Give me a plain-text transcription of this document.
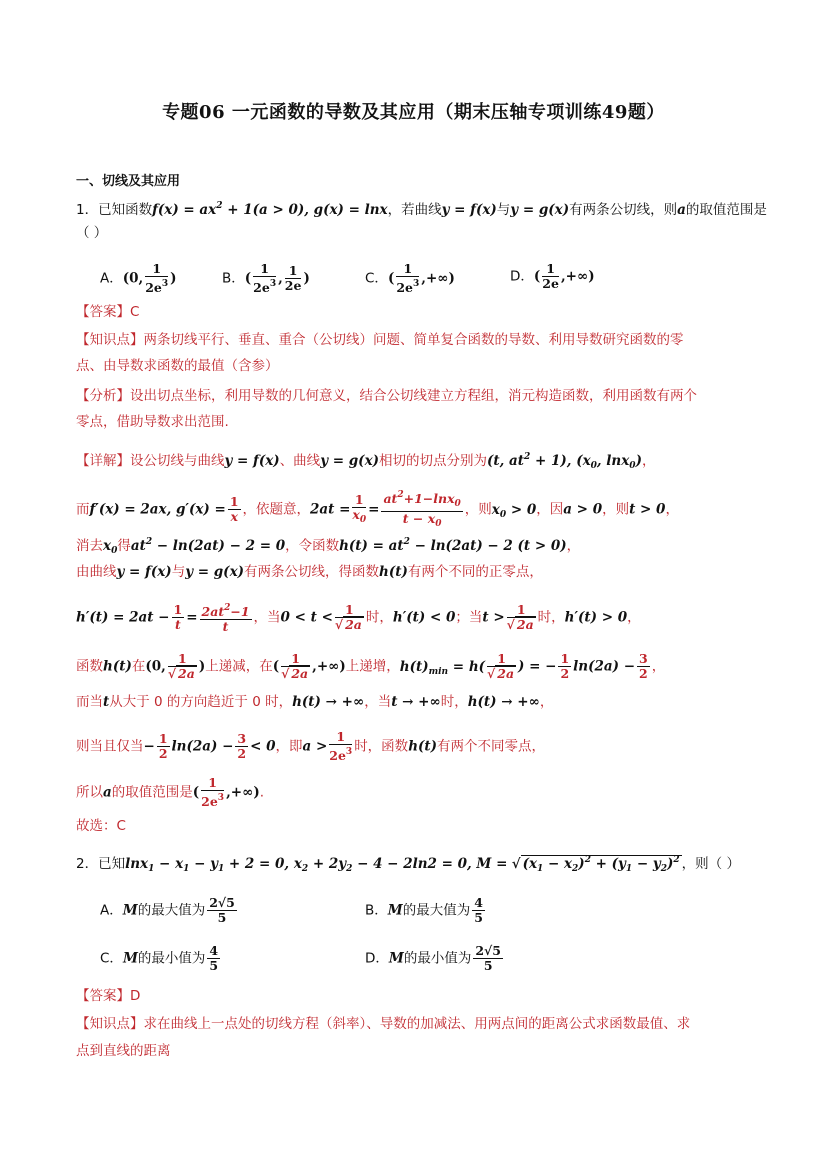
专题06 一元函数的导数及其应用（期末压轴专项训练49题）
一、切线及其应用
1．已知函数$f(x) = ax^2 + 1(a > 0)$, g(x) = lnx，若曲线y = f(x)与y = g(x)有两条公切线，则a的取值范围是
（ ）
A．(0, $\frac{1}{2e^3}$ )	B．( $\frac{1}{2e^3}$ , $\frac{1}{2e}$ )	C．( $\frac{1}{2e^3}$ ,+∞)	D．( $\frac{1}{2e}$ ,+∞)
【答案】C
【知识点】两条切线平行、垂直、重合（公切线）问题、简单复合函数的导数、利用导数研究函数的零
点、由导数求函数的最值（含参）
【分析】设出切点坐标，利用导数的几何意义，结合公切线建立方程组，消元构造函数，利用函数有两个
零点，借助导数求出范围.
【详解】设公切线与曲线y = f(x)、曲线y = g(x)相切的切点分别为(t, $at^2 + 1$), ($x_0$, lnx$_0$)，
而f′(x) = 2ax, $g'(x) = \frac{1}{x}$ ，依题意，$2at = \frac{1}{x_0} = \frac{at^2+1-\ln x_0}{t - x_0}$ ，则$x_0 > 0$，因a > 0，则t > 0，
消去$x_0$得$at^2 - \ln(2at) - 2 = 0$，令函数$h(t) = at^2 - \ln(2at) - 2$ (t > 0)，
由曲线y = f(x)与y = g(x)有两条公切线，得函数h(t)有两个不同的正零点，
$h'(t) = 2at - \frac{1}{t} = \frac{2at^2-1}{t}$ ，当$0 < t < \frac{1}{√ 2a}$ 时，h′(t) < 0；当$t > \frac{1}{√ 2a}$ 时，h′(t) > 0，
函数h(t)在(0, $\frac{1}{√ 2a}$ )上递减，在( $\frac{1}{√ 2a}$ ,+∞)上递增，$h(t)_{min} = h( \frac{1}{√ 2a}$ ) = − $\frac{1}{2} \ln(2a) - \frac{3}{2}$ ，
而当t从大于 0 的方向趋近于 0 时，h(t) → +∞，当t → +∞时，h(t) → +∞，
则当且仅当− $\frac{1}{2} \ln(2a) - \frac{3}{2} < 0$，即$a > \frac{1}{2e^3}$ 时，函数h(t)有两个不同零点，
所以a的取值范围是( $\frac{1}{2e^3}$ ,+∞).
故选：C
2．已知$\ln x_1 - x_1 - y_1 + 2 = 0$, $x_2 + 2y_2 - 4 - 2\ln 2 = 0$, M = √ $(x_1 - x_2)^2 + (y_1 - y_2)^2$ ，则（ ）
A．M的最大值为 $\frac{2√5}{5}$	B．M的最大值为 $\frac{4}{5}$
C．M的最小值为 $\frac{4}{5}$	D．M的最小值为 $\frac{2√5}{5}$
【答案】D
【知识点】求在曲线上一点处的切线方程（斜率）、导数的加减法、用两点间的距离公式求函数最值、求
点到直线的距离
